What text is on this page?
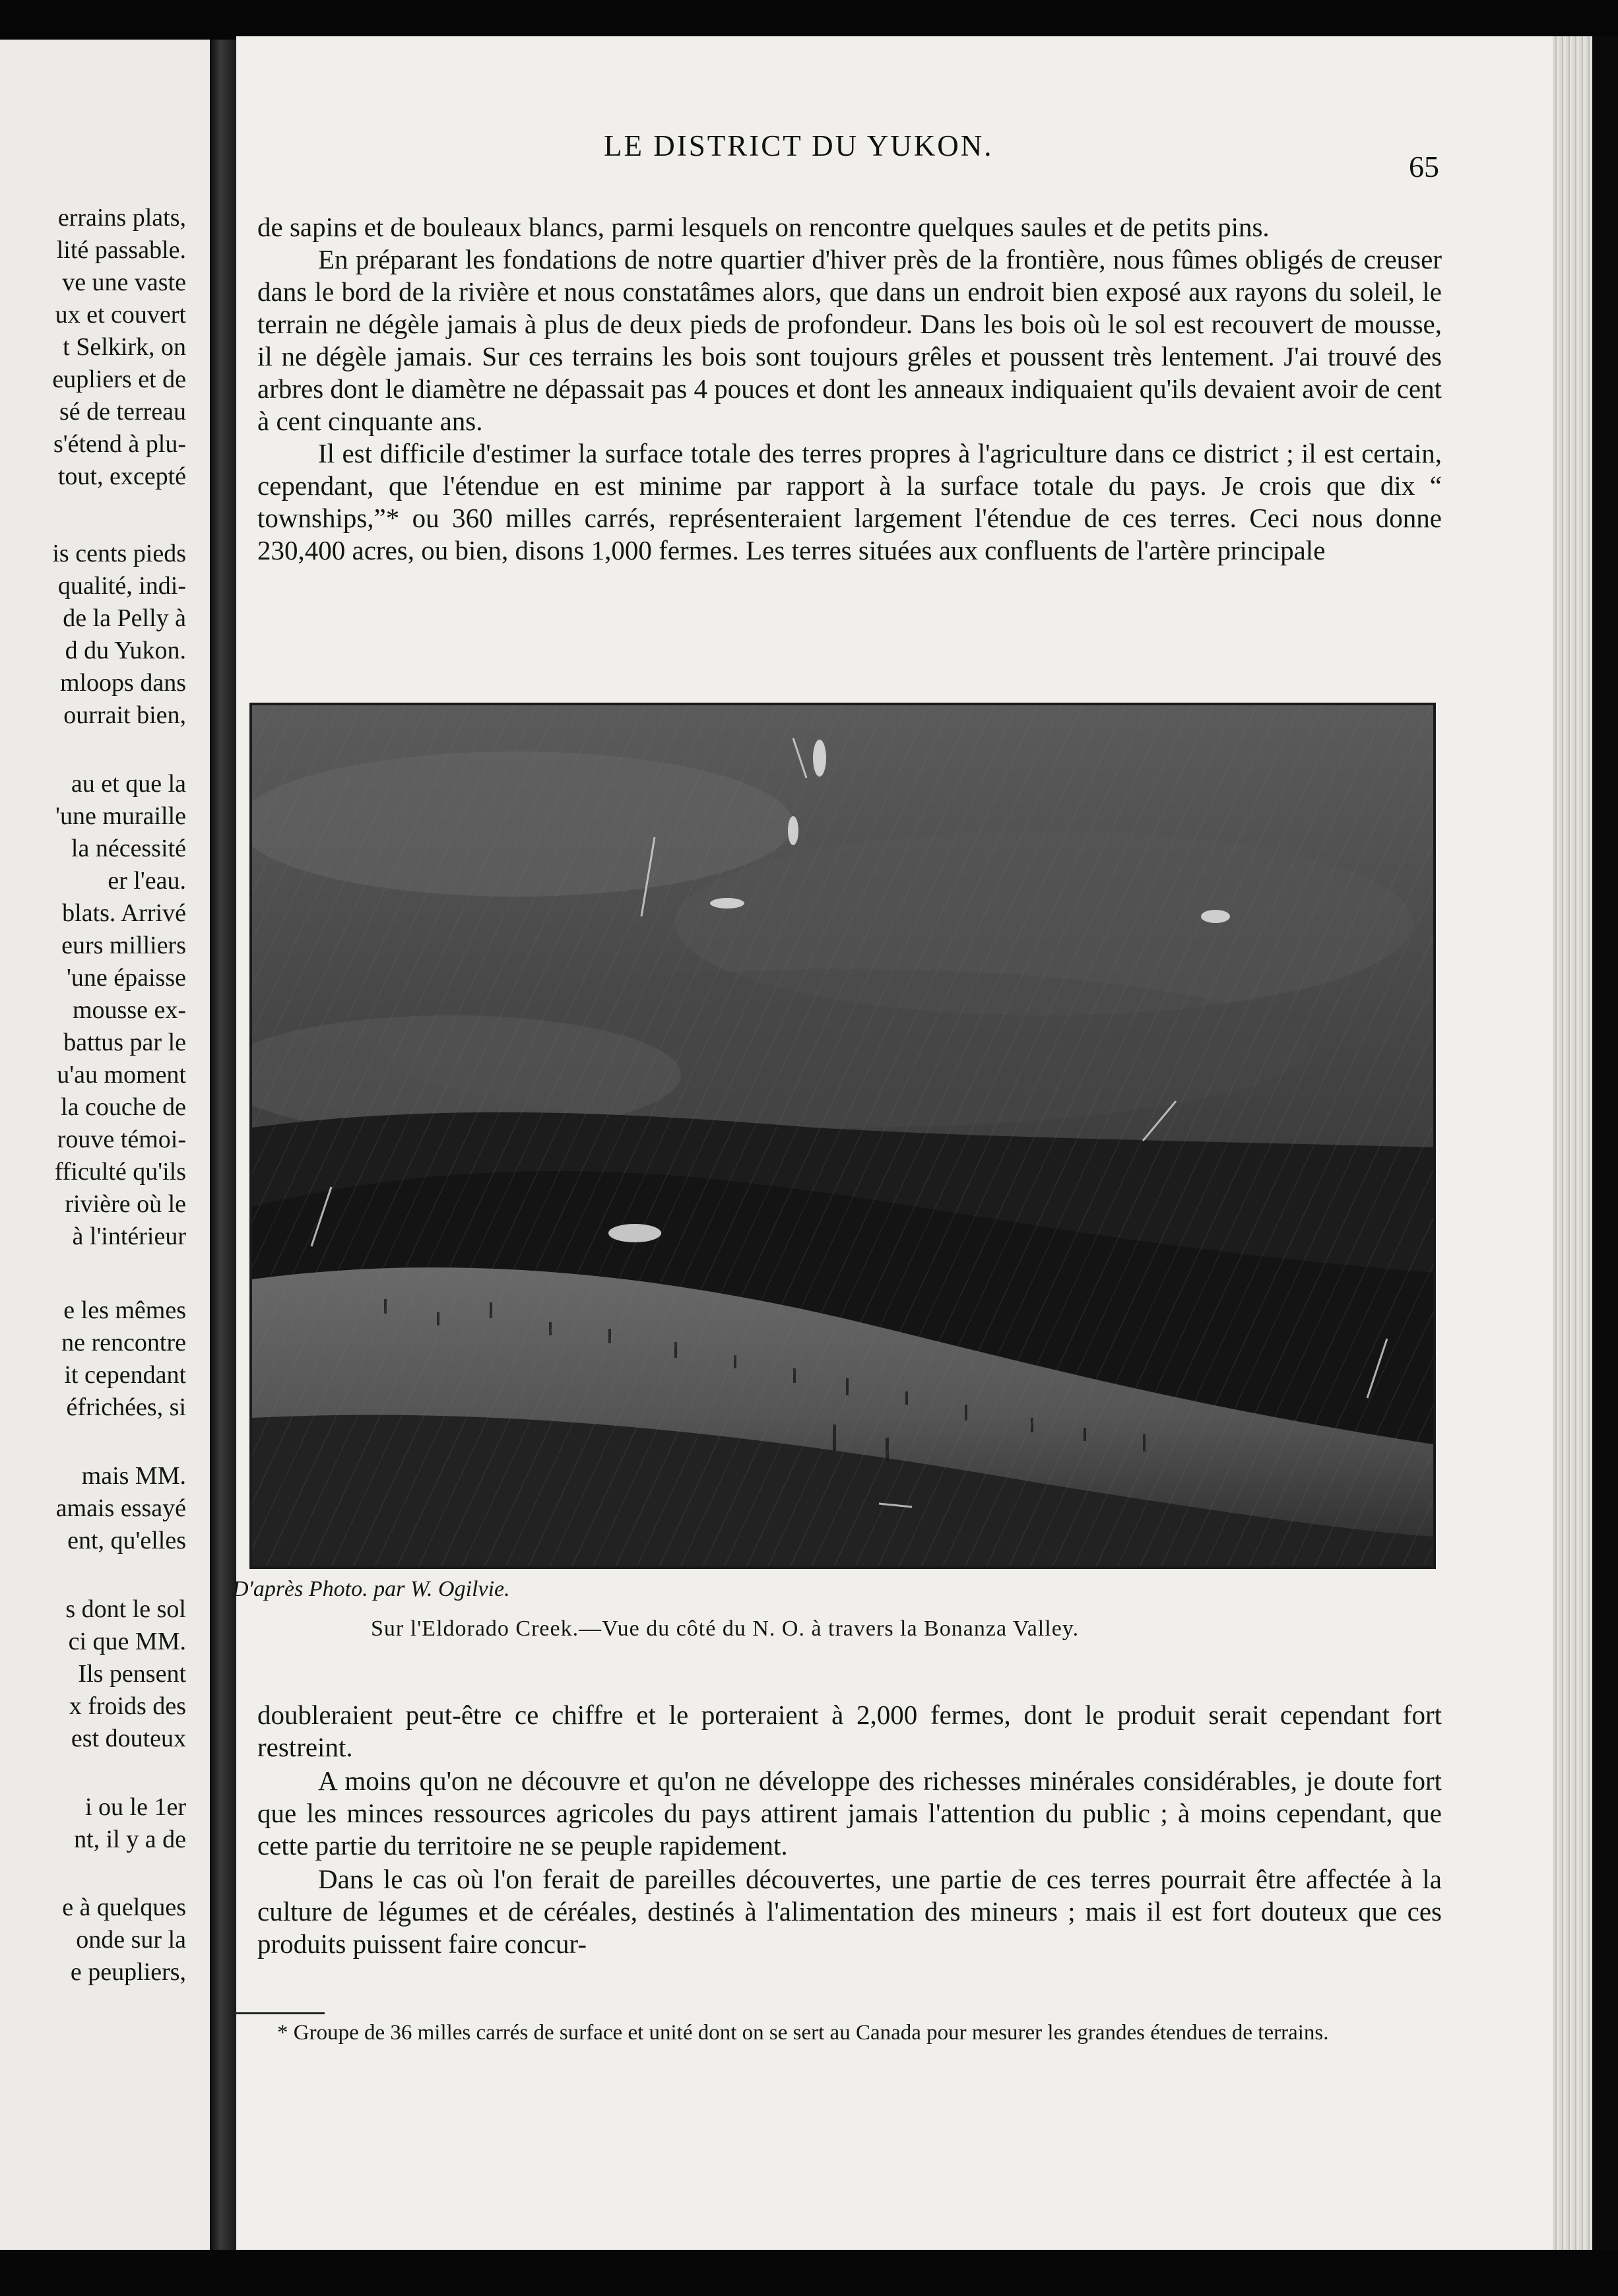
errains plats,
lité passable.
ve une vaste
ux et couvert
t Selkirk, on
eupliers et de
sé de terreau
s'étend à plu-
tout, excepté
is cents pieds
qualité, indi-
de la Pelly à
d du Yukon.
mloops dans
ourrait bien,
au et que la
'une muraille
la nécessité
er l'eau.
blats. Arrivé
eurs milliers
'une épaisse
mousse ex-
battus par le
u'au moment
la couche de
rouve témoi-
fficulté qu'ils
rivière où le
à l'intérieur
e les mêmes
ne rencontre
it cependant
éfrichées, si
mais MM.
amais essayé
ent, qu'elles
s dont le sol
ci que MM.
Ils pensent
x froids des
est douteux
i ou le 1er
nt, il y a de
e à quelques
onde sur la
e peupliers,
LE DISTRICT DU YUKON.
65

de sapins et de bouleaux blancs, parmi lesquels on rencontre quelques saules et de petits pins.

En préparant les fondations de notre quartier d'hiver près de la frontière, nous fûmes obligés de creuser dans le bord de la rivière et nous constatâmes alors, que dans un endroit bien exposé aux rayons du soleil, le terrain ne dégèle jamais à plus de deux pieds de profondeur. Dans les bois où le sol est recouvert de mousse, il ne dégèle jamais. Sur ces terrains les bois sont toujours grêles et poussent très lentement. J'ai trouvé des arbres dont le diamètre ne dépassait pas 4 pouces et dont les anneaux indiquaient qu'ils devaient avoir de cent à cent cinquante ans.

Il est difficile d'estimer la surface totale des terres propres à l'agriculture dans ce district ; il est certain, cependant, que l'étendue en est minime par rapport à la surface totale du pays. Je crois que dix “ townships,”* ou 360 milles carrés, représenteraient largement l'étendue de ces terres. Ceci nous donne 230,400 acres, ou bien, disons 1,000 fermes. Les terres situées aux confluents de l'artère principale

D'après Photo. par W. Ogilvie.
Sur l'Eldorado Creek.—Vue du côté du N. O. à travers la Bonanza Valley.

doubleraient peut-être ce chiffre et le porteraient à 2,000 fermes, dont le produit serait cependant fort restreint.

A moins qu'on ne découvre et qu'on ne développe des richesses minérales considérables, je doute fort que les minces ressources agricoles du pays attirent jamais l'attention du public ; à moins cependant, que cette partie du territoire ne se peuple rapidement.

Dans le cas où l'on ferait de pareilles découvertes, une partie de ces terres pourrait être affectée à la culture de légumes et de céréales, destinés à l'alimentation des mineurs ; mais il est fort douteux que ces produits puissent faire concur-

* Groupe de 36 milles carrés de surface et unité dont on se sert au Canada pour mesurer les grandes étendues de terrains.
